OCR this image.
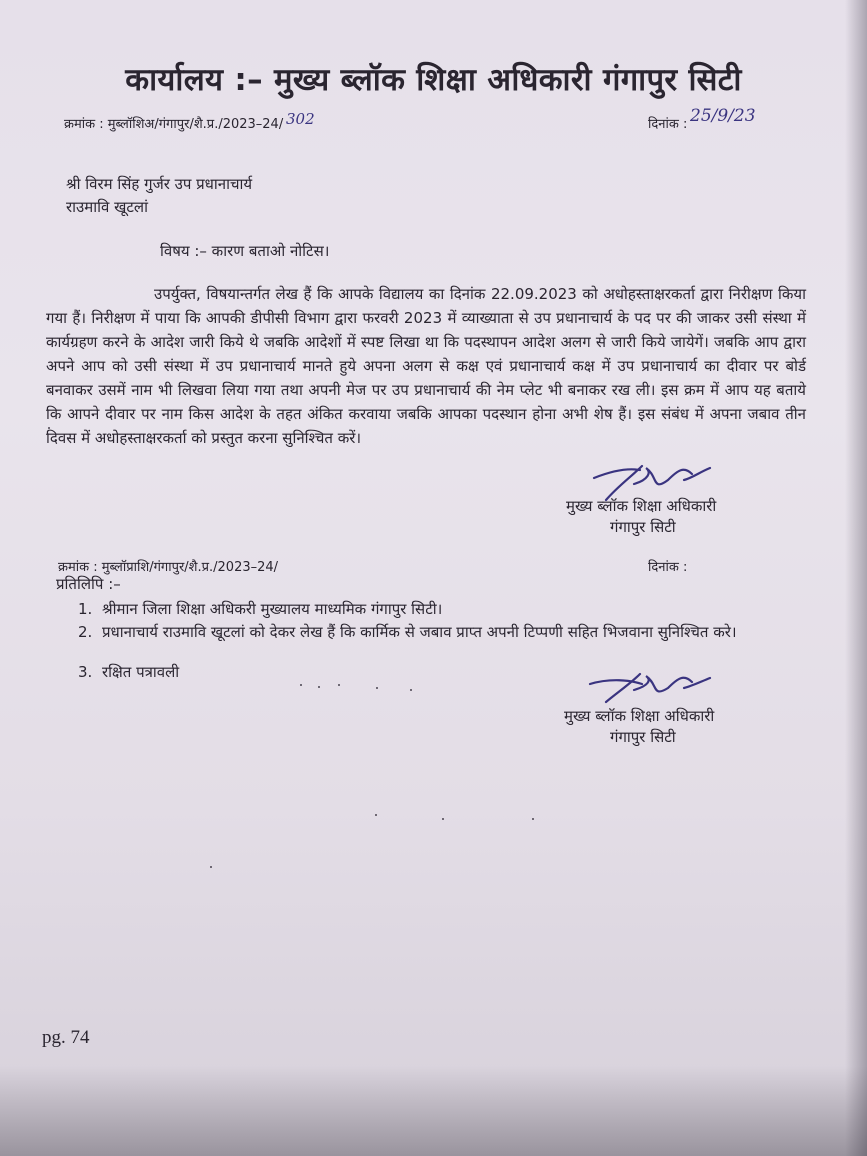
कार्यालय :– मुख्य ब्लॉक शिक्षा अधिकारी गंगापुर सिटी
क्रमांक : मुब्लॉशिअ/गंगापुर/शै.प्र./2023–24/ 302	दिनांक : 25/9/23
श्री विरम सिंह गुर्जर उप प्रधानाचार्य
राउमावि खूटलां
विषय :– कारण बताओ नोटिस।
उपर्युक्त, विषयान्तर्गत लेख हैं कि आपके विद्यालय का दिनांक 22.09.2023 को अधोहस्ताक्षरकर्ता द्वारा निरीक्षण किया गया हैं। निरीक्षण में पाया कि आपकी डीपीसी विभाग द्वारा फरवरी 2023 में व्याख्याता से उप प्रधानाचार्य के पद पर की जाकर उसी संस्था में कार्यग्रहण करने के आदेश जारी किये थे जबकि आदेशों में स्पष्ट लिखा था कि पदस्थापन आदेश अलग से जारी किये जायेगें। जबकि आप द्वारा अपने आप को उसी संस्था में उप प्रधानाचार्य मानते हुये अपना अलग से कक्ष एवं प्रधानाचार्य कक्ष में उप प्रधानाचार्य का दीवार पर बोर्ड बनवाकर उसमें नाम भी लिखवा लिया गया तथा अपनी मेज पर उप प्रधानाचार्य की नेम प्लेट भी बनाकर रख ली। इस क्रम में आप यह बताये कि आपने दीवार पर नाम किस आदेश के तहत अंकित करवाया जबकि आपका पदस्थान होना अभी शेष हैं। इस संबंध में अपना जबाव तीन दिवस में अधोहस्ताक्षरकर्ता को प्रस्तुत करना सुनिश्चित करें।
मुख्य ब्लॉक शिक्षा अधिकारी
गंगापुर सिटी
क्रमांक : मुब्लॉप्राशि/गंगापुर/शै.प्र./2023–24/	दिनांक :
प्रतिलिपि :–
1. श्रीमान जिला शिक्षा अधिकरी मुख्यालय माध्यमिक गंगापुर सिटी।
2. प्रधानाचार्य राउमावि खूटलां को देकर लेख हैं कि कार्मिक से जबाव प्राप्त अपनी टिप्पणी सहित भिजवाना सुनिश्चित करे।
3. रक्षित पत्रावली
मुख्य ब्लॉक शिक्षा अधिकारी
गंगापुर सिटी
pg. 74
